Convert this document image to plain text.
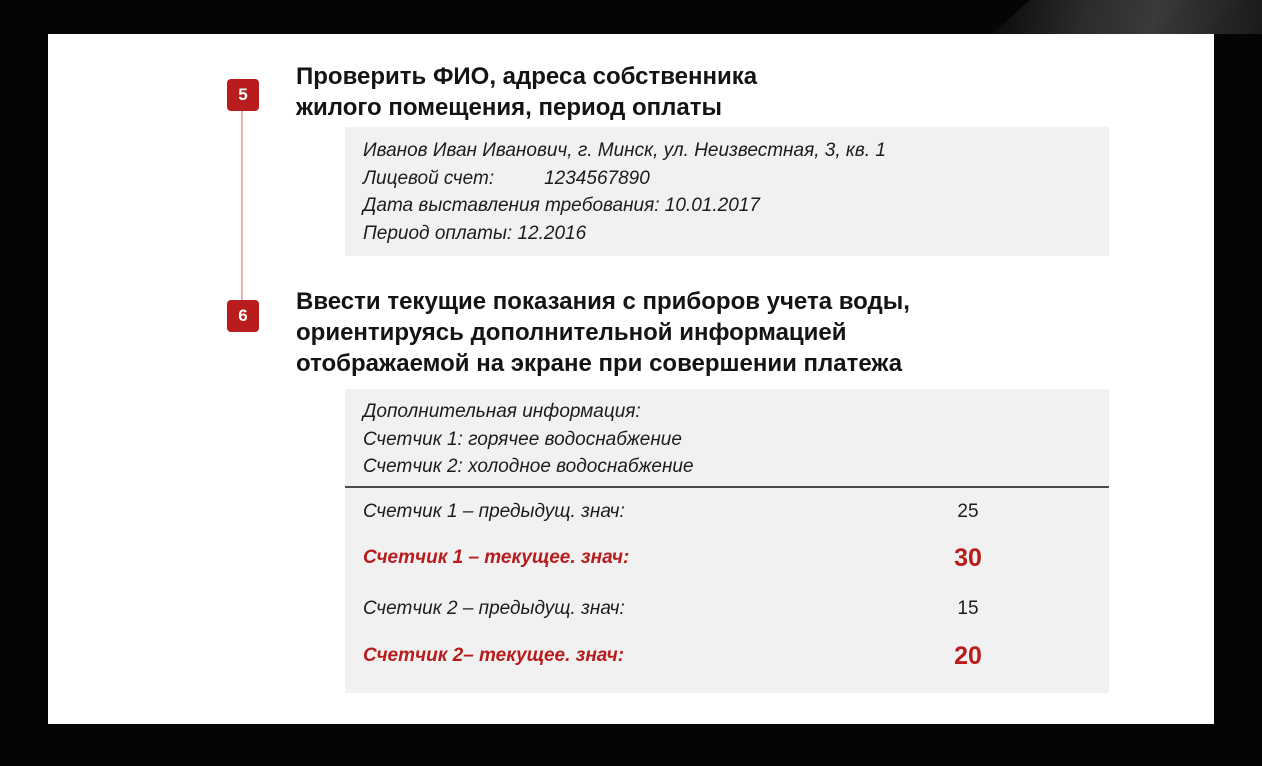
5
Проверить ФИО, адреса собственника
жилого помещения, период оплаты
Иванов Иван Иванович, г. Минск, ул. Неизвестная, 3, кв. 1
Лицевой счет:	1234567890
Дата выставления требования: 10.01.2017
Период оплаты: 12.2016
6
Ввести текущие показания с приборов учета воды,
ориентируясь дополнительной информацией
отображаемой на экране при совершении платежа
Дополнительная информация:
Счетчик 1: горячее водоснабжение
Счетчик 2: холодное водоснабжение
Счетчик 1 – предыдущ. знач:	25
Счетчик 1 – текущее. знач:	30
Счетчик 2 – предыдущ. знач:	15
Счетчик 2– текущее. знач:	20
